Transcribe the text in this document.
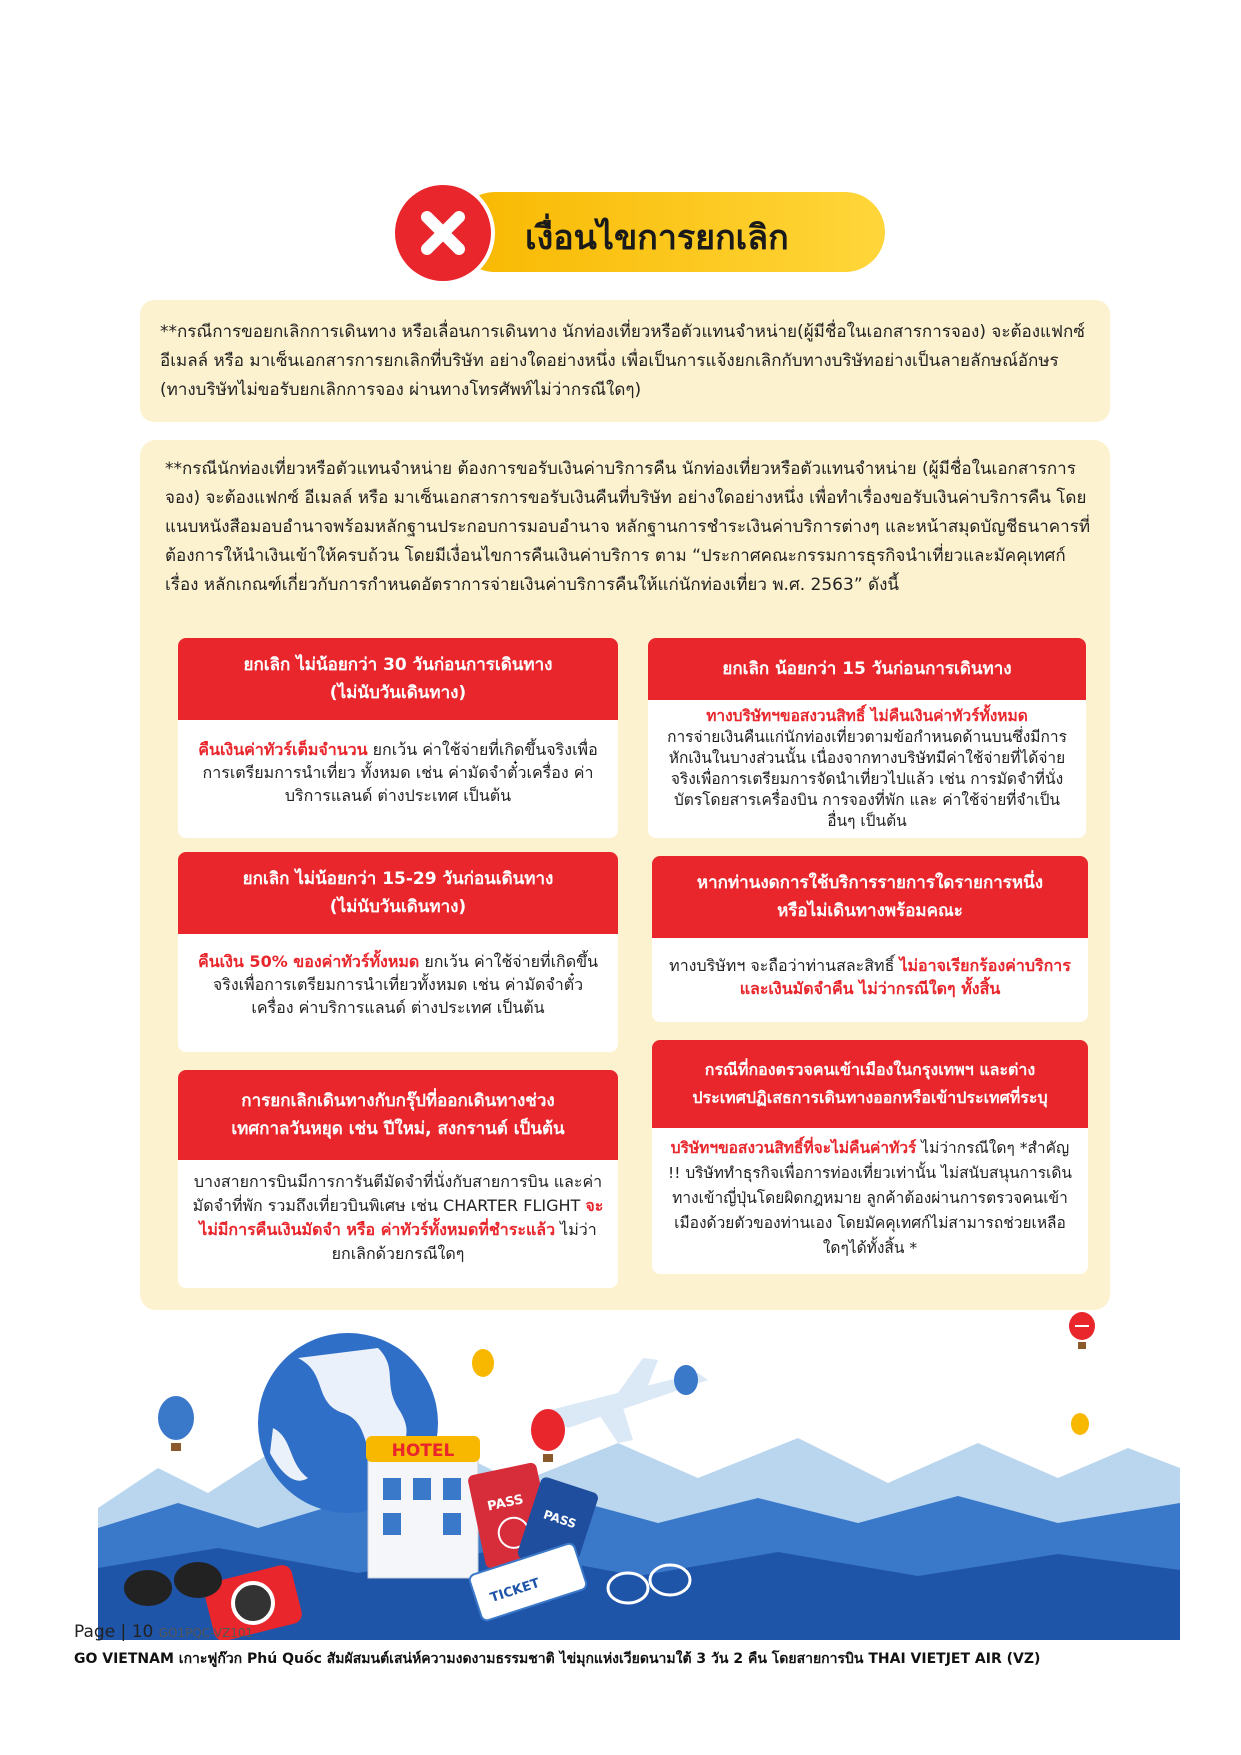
เงื่อนไขการยกเลิก
**กรณีการขอยกเลิกการเดินทาง หรือเลื่อนการเดินทาง นักท่องเที่ยวหรือตัวแทนจำหน่าย(ผู้มีชื่อในเอกสารการจอง) จะต้องแฟกซ์ อีเมลล์ หรือ มาเซ็นเอกสารการยกเลิกที่บริษัท อย่างใดอย่างหนึ่ง เพื่อเป็นการแจ้งยกเลิกกับทางบริษัทอย่างเป็นลายลักษณ์อักษร (ทางบริษัทไม่ขอรับยกเลิกการจอง ผ่านทางโทรศัพท์ไม่ว่ากรณีใดๆ)
**กรณีนักท่องเที่ยวหรือตัวแทนจำหน่าย ต้องการขอรับเงินค่าบริการคืน นักท่องเที่ยวหรือตัวแทนจำหน่าย (ผู้มีชื่อในเอกสารการจอง) จะต้องแฟกซ์ อีเมลล์ หรือ มาเซ็นเอกสารการขอรับเงินคืนที่บริษัท อย่างใดอย่างหนึ่ง เพื่อทำเรื่องขอรับเงินค่าบริการคืน โดยแนบหนังสือมอบอำนาจพร้อมหลักฐานประกอบการมอบอำนาจ หลักฐานการชำระเงินค่าบริการต่างๆ และหน้าสมุดบัญชีธนาคารที่ต้องการให้นำเงินเข้าให้ครบถ้วน โดยมีเงื่อนไขการคืนเงินค่าบริการ ตาม “ประกาศคณะกรรมการธุรกิจนำเที่ยวและมัคคุเทศก์ เรื่อง หลักเกณฑ์เกี่ยวกับการกำหนดอัตราการจ่ายเงินค่าบริการคืนให้แก่นักท่องเที่ยว พ.ศ. 2563” ดังนี้
ยกเลิก ไม่น้อยกว่า 30 วันก่อนการเดินทาง
(ไม่นับวันเดินทาง)
คืนเงินค่าทัวร์เต็มจำนวน ยกเว้น ค่าใช้จ่ายที่เกิดขึ้นจริงเพื่อการเตรียมการนำเที่ยว ทั้งหมด เช่น ค่ามัดจำตั๋วเครื่อง ค่าบริการแลนด์ ต่างประเทศ เป็นต้น
ยกเลิก น้อยกว่า 15 วันก่อนการเดินทาง
ทางบริษัทฯขอสงวนสิทธิ์ ไม่คืนเงินค่าทัวร์ทั้งหมด
การจ่ายเงินคืนแก่นักท่องเที่ยวตามข้อกำหนดด้านบนซึ่งมีการหักเงินในบางส่วนนั้น เนื่องจากทางบริษัทมีค่าใช้จ่ายที่ได้จ่ายจริงเพื่อการเตรียมการจัดนำเที่ยวไปแล้ว เช่น การมัดจำที่นั่งบัตรโดยสารเครื่องบิน การจองที่พัก และ ค่าใช้จ่ายที่จำเป็นอื่นๆ เป็นต้น
ยกเลิก ไม่น้อยกว่า 15-29 วันก่อนเดินทาง
(ไม่นับวันเดินทาง)
คืนเงิน 50% ของค่าทัวร์ทั้งหมด ยกเว้น ค่าใช้จ่ายที่เกิดขึ้นจริงเพื่อการเตรียมการนำเที่ยวทั้งหมด เช่น ค่ามัดจำตั๋วเครื่อง ค่าบริการแลนด์ ต่างประเทศ เป็นต้น
หากท่านงดการใช้บริการรายการใดรายการหนึ่ง
หรือไม่เดินทางพร้อมคณะ
ทางบริษัทฯ จะถือว่าท่านสละสิทธิ์ ไม่อาจเรียกร้องค่าบริการและเงินมัดจำคืน ไม่ว่ากรณีใดๆ ทั้งสิ้น
การยกเลิกเดินทางกับกรุ๊ปที่ออกเดินทางช่วง
เทศกาลวันหยุด เช่น ปีใหม่, สงกรานต์ เป็นต้น
บางสายการบินมีการการันตีมัดจำที่นั่งกับสายการบิน และค่ามัดจำที่พัก รวมถึงเที่ยวบินพิเศษ เช่น CHARTER FLIGHT จะไม่มีการคืนเงินมัดจำ หรือ ค่าทัวร์ทั้งหมดที่ชำระแล้ว ไม่ว่ายกเลิกด้วยกรณีใดๆ
กรณีที่กองตรวจคนเข้าเมืองในกรุงเทพฯ และต่าง
ประเทศปฏิเสธการเดินทางออกหรือเข้าประเทศที่ระบุ
บริษัทฯขอสงวนสิทธิ์ที่จะไม่คืนค่าทัวร์ ไม่ว่ากรณีใดๆ *สำคัญ !! บริษัททำธุรกิจเพื่อการท่องเที่ยวเท่านั้น ไม่สนับสนุนการเดินทางเข้าญี่ปุ่นโดยผิดกฎหมาย ลูกค้าต้องผ่านการตรวจคนเข้าเมืองด้วยตัวของท่านเอง โดยมัคคุเทศก์ไม่สามารถช่วยเหลือใดๆได้ทั้งสิ้น *
HOTEL
PASS
PASS
TICKET
Page | 10 GO1PQC-VZ101
GO VIETNAM เกาะฟูก๊วก Phú Quốc สัมผัสมนต์เสน่ห์ความงดงามธรรมชาติ ไข่มุกแห่งเวียดนามใต้ 3 วัน 2 คืน โดยสายการบิน THAI VIETJET AIR (VZ)
